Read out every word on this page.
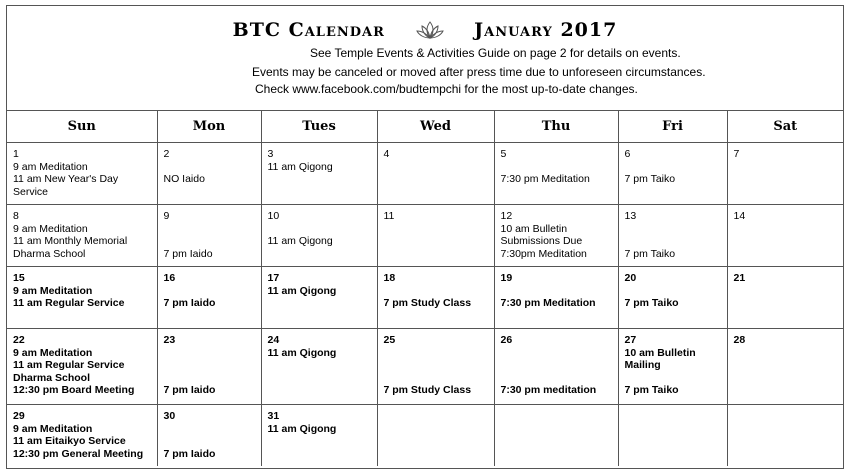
BTC Calendar	January 2017
See Temple Events & Activities Guide on page 2 for details on events.
Events may be canceled or moved after press time due to unforeseen circumstances.
Check www.facebook.com/budtempchi for the most up-to-date changes.
Sun	Mon	Tues	Wed	Thu	Fri	Sat

1
9 am Meditation
11 am New Year's Day
Service	2
NO Iaido	3
11 am Qigong	4	5
7:30 pm Meditation	6
7 pm Taiko	7

8
9 am Meditation
11 am Monthly Memorial
Dharma School	9
7 pm Iaido	10
11 am Qigong	11	12
10 am Bulletin
Submissions Due
7:30pm Meditation	13
7 pm Taiko	14

15
9 am Meditation
11 am Regular Service	16
7 pm Iaido	17
11 am Qigong	18
7 pm Study Class	19
7:30 pm Meditation	20
7 pm Taiko	21

22
9 am Meditation
11 am Regular Service
Dharma School
12:30 pm Board Meeting	23
7 pm Iaido	24
11 am Qigong	25
7 pm Study Class	26
7:30 pm meditation	27
10 am Bulletin
Mailing
7 pm Taiko	28

29
9 am Meditation
11 am Eitaikyo Service
12:30 pm General Meeting	30
7 pm Iaido	31
11 am Qigong				
